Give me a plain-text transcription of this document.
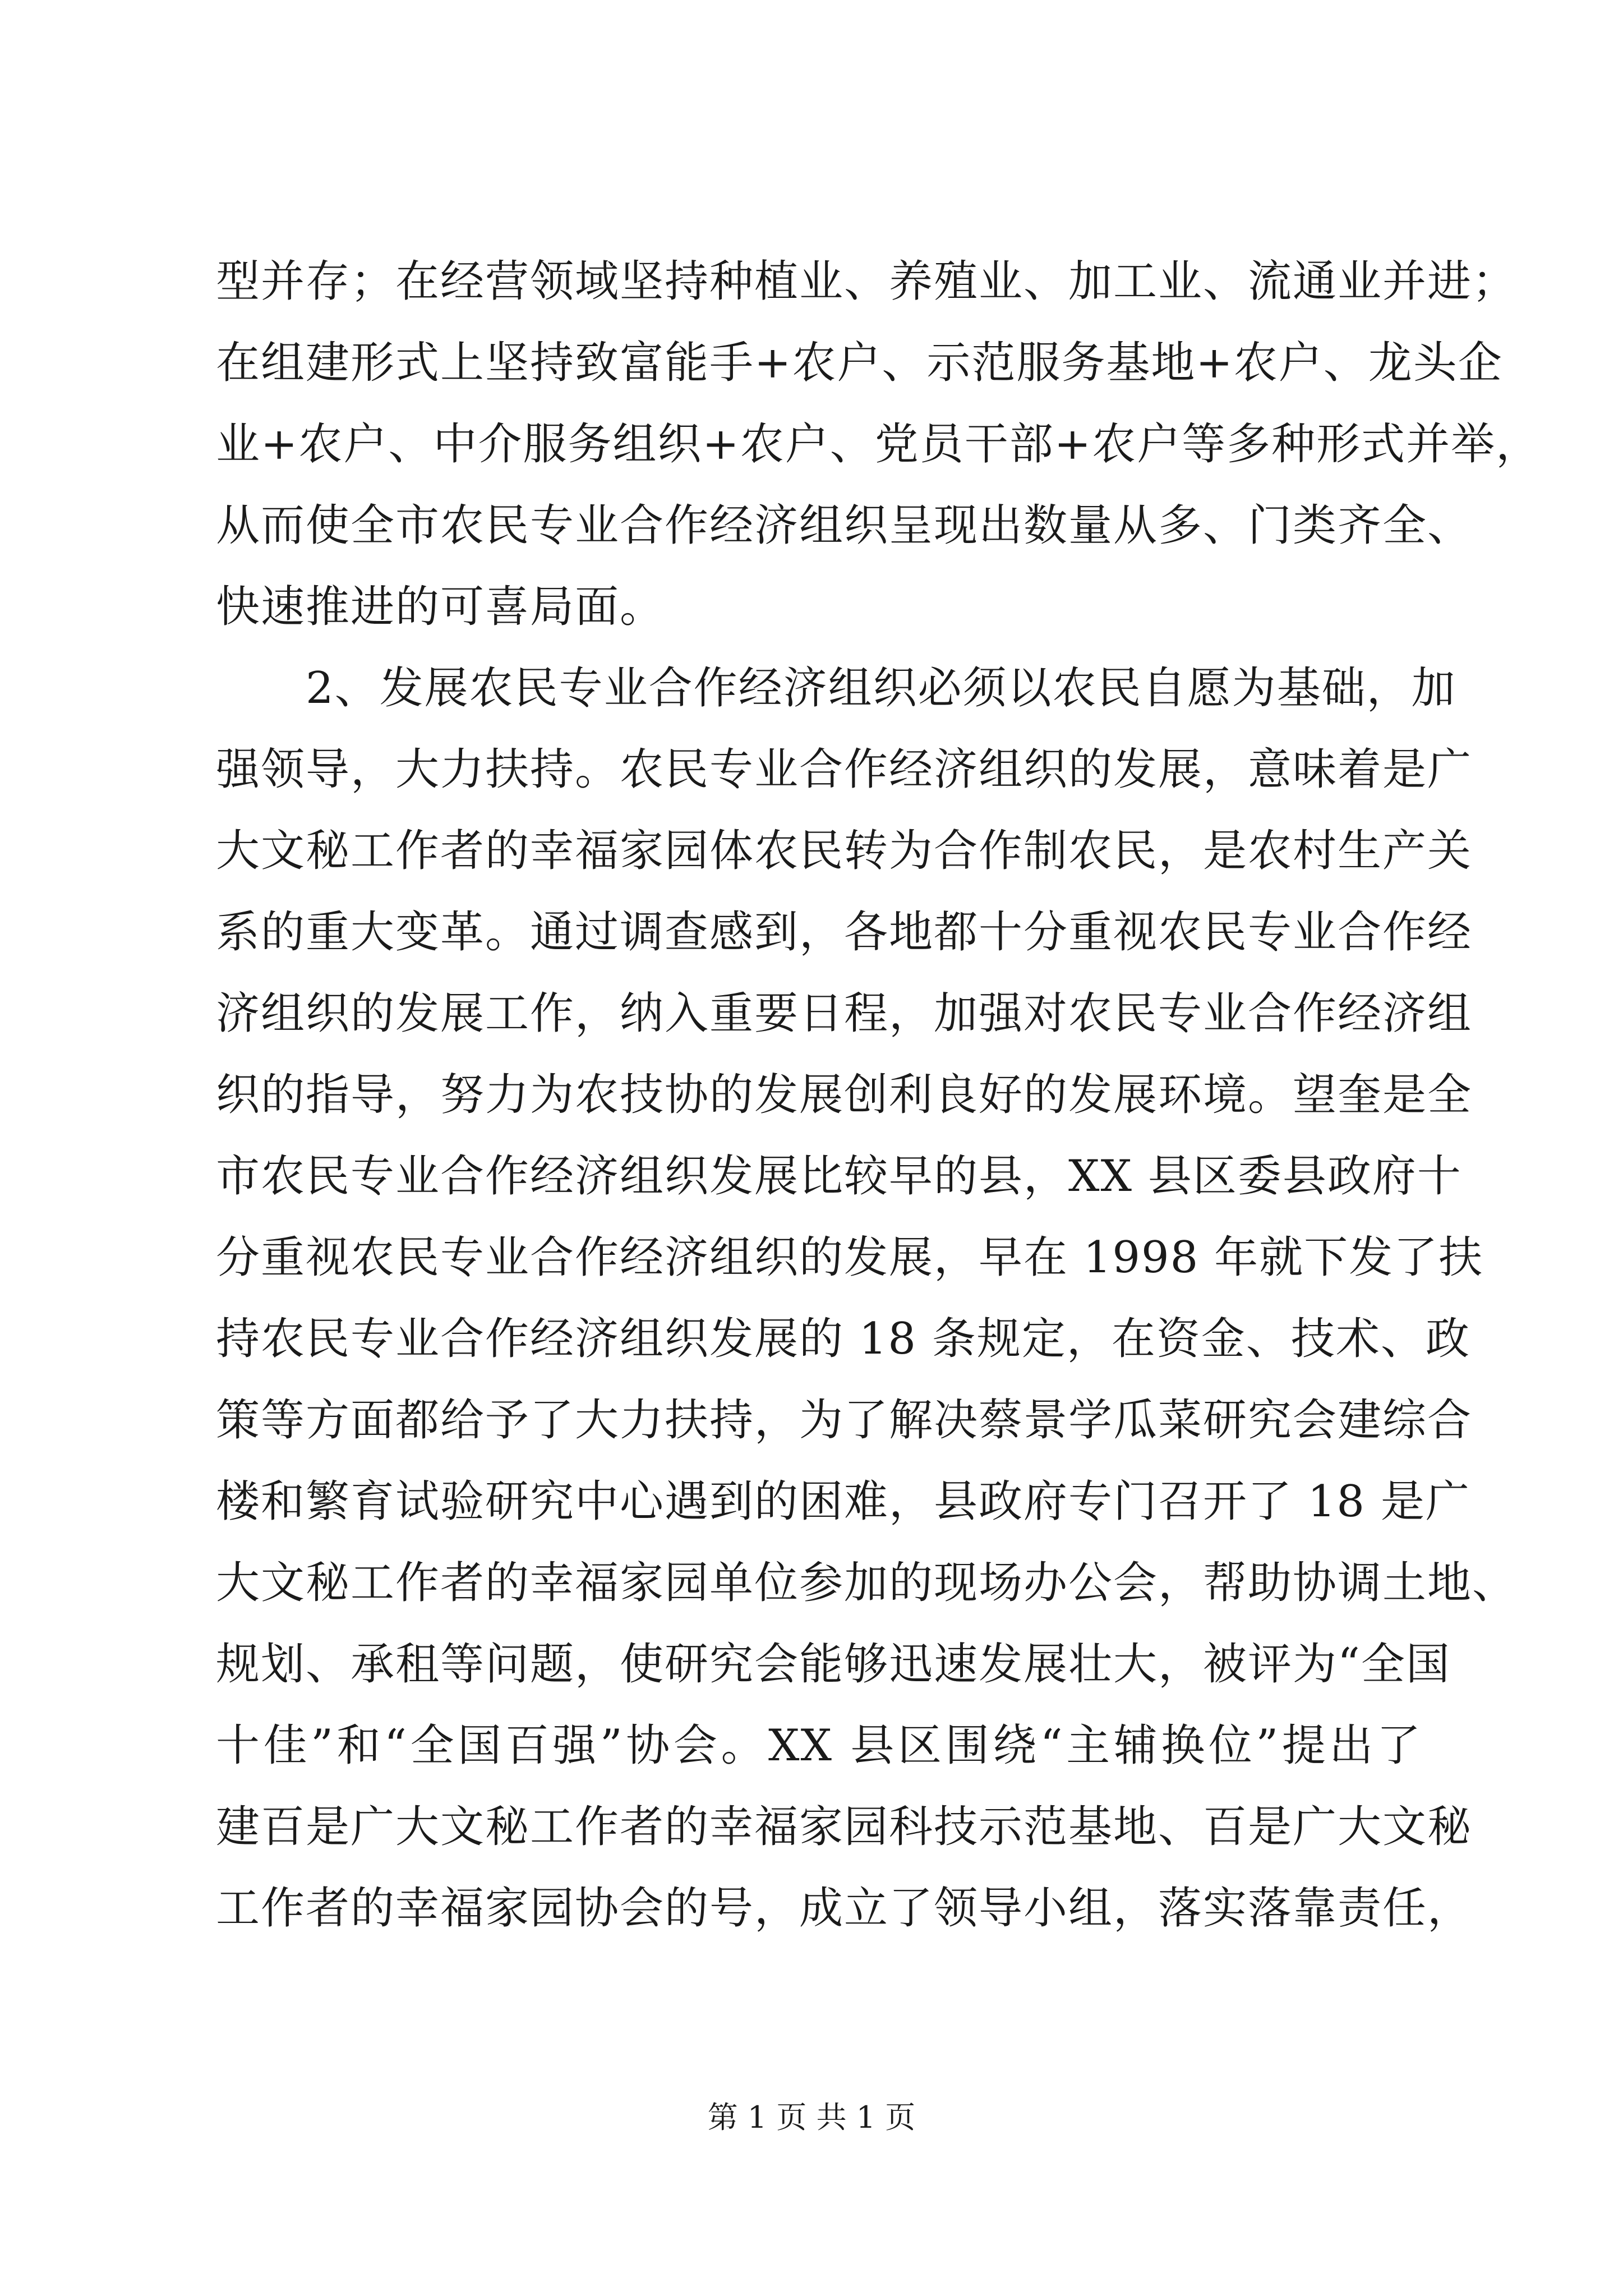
型并存；在经营领域坚持种植业、养殖业、加工业、流通业并进；
在组建形式上坚持致富能手+农户、示范服务基地+农户、龙头企
业+农户、中介服务组织+农户、党员干部+农户等多种形式并举，
从而使全市农民专业合作经济组织呈现出数量从多、门类齐全、
快速推进的可喜局面。
2、发展农民专业合作经济组织必须以农民自愿为基础，加
强领导，大力扶持。农民专业合作经济组织的发展，意味着是广
大文秘工作者的幸福家园体农民转为合作制农民，是农村生产关
系的重大变革。通过调查感到，各地都十分重视农民专业合作经
济组织的发展工作，纳入重要日程，加强对农民专业合作经济组
织的指导，努力为农技协的发展创利良好的发展环境。望奎是全
市农民专业合作经济组织发展比较早的县，XX 县区委县政府十
分重视农民专业合作经济组织的发展，早在 1998 年就下发了扶
持农民专业合作经济组织发展的 18 条规定，在资金、技术、政
策等方面都给予了大力扶持，为了解决蔡景学瓜菜研究会建综合
楼和繁育试验研究中心遇到的困难，县政府专门召开了 18 是广
大文秘工作者的幸福家园单位参加的现场办公会，帮助协调土地、
规划、承租等问题，使研究会能够迅速发展壮大，被评为“全国
十佳”和“全国百强”协会。XX 县区围绕“主辅换位”提出了
建百是广大文秘工作者的幸福家园科技示范基地、百是广大文秘
工作者的幸福家园协会的号，成立了领导小组，落实落靠责任，
第 1 页 共 1 页
